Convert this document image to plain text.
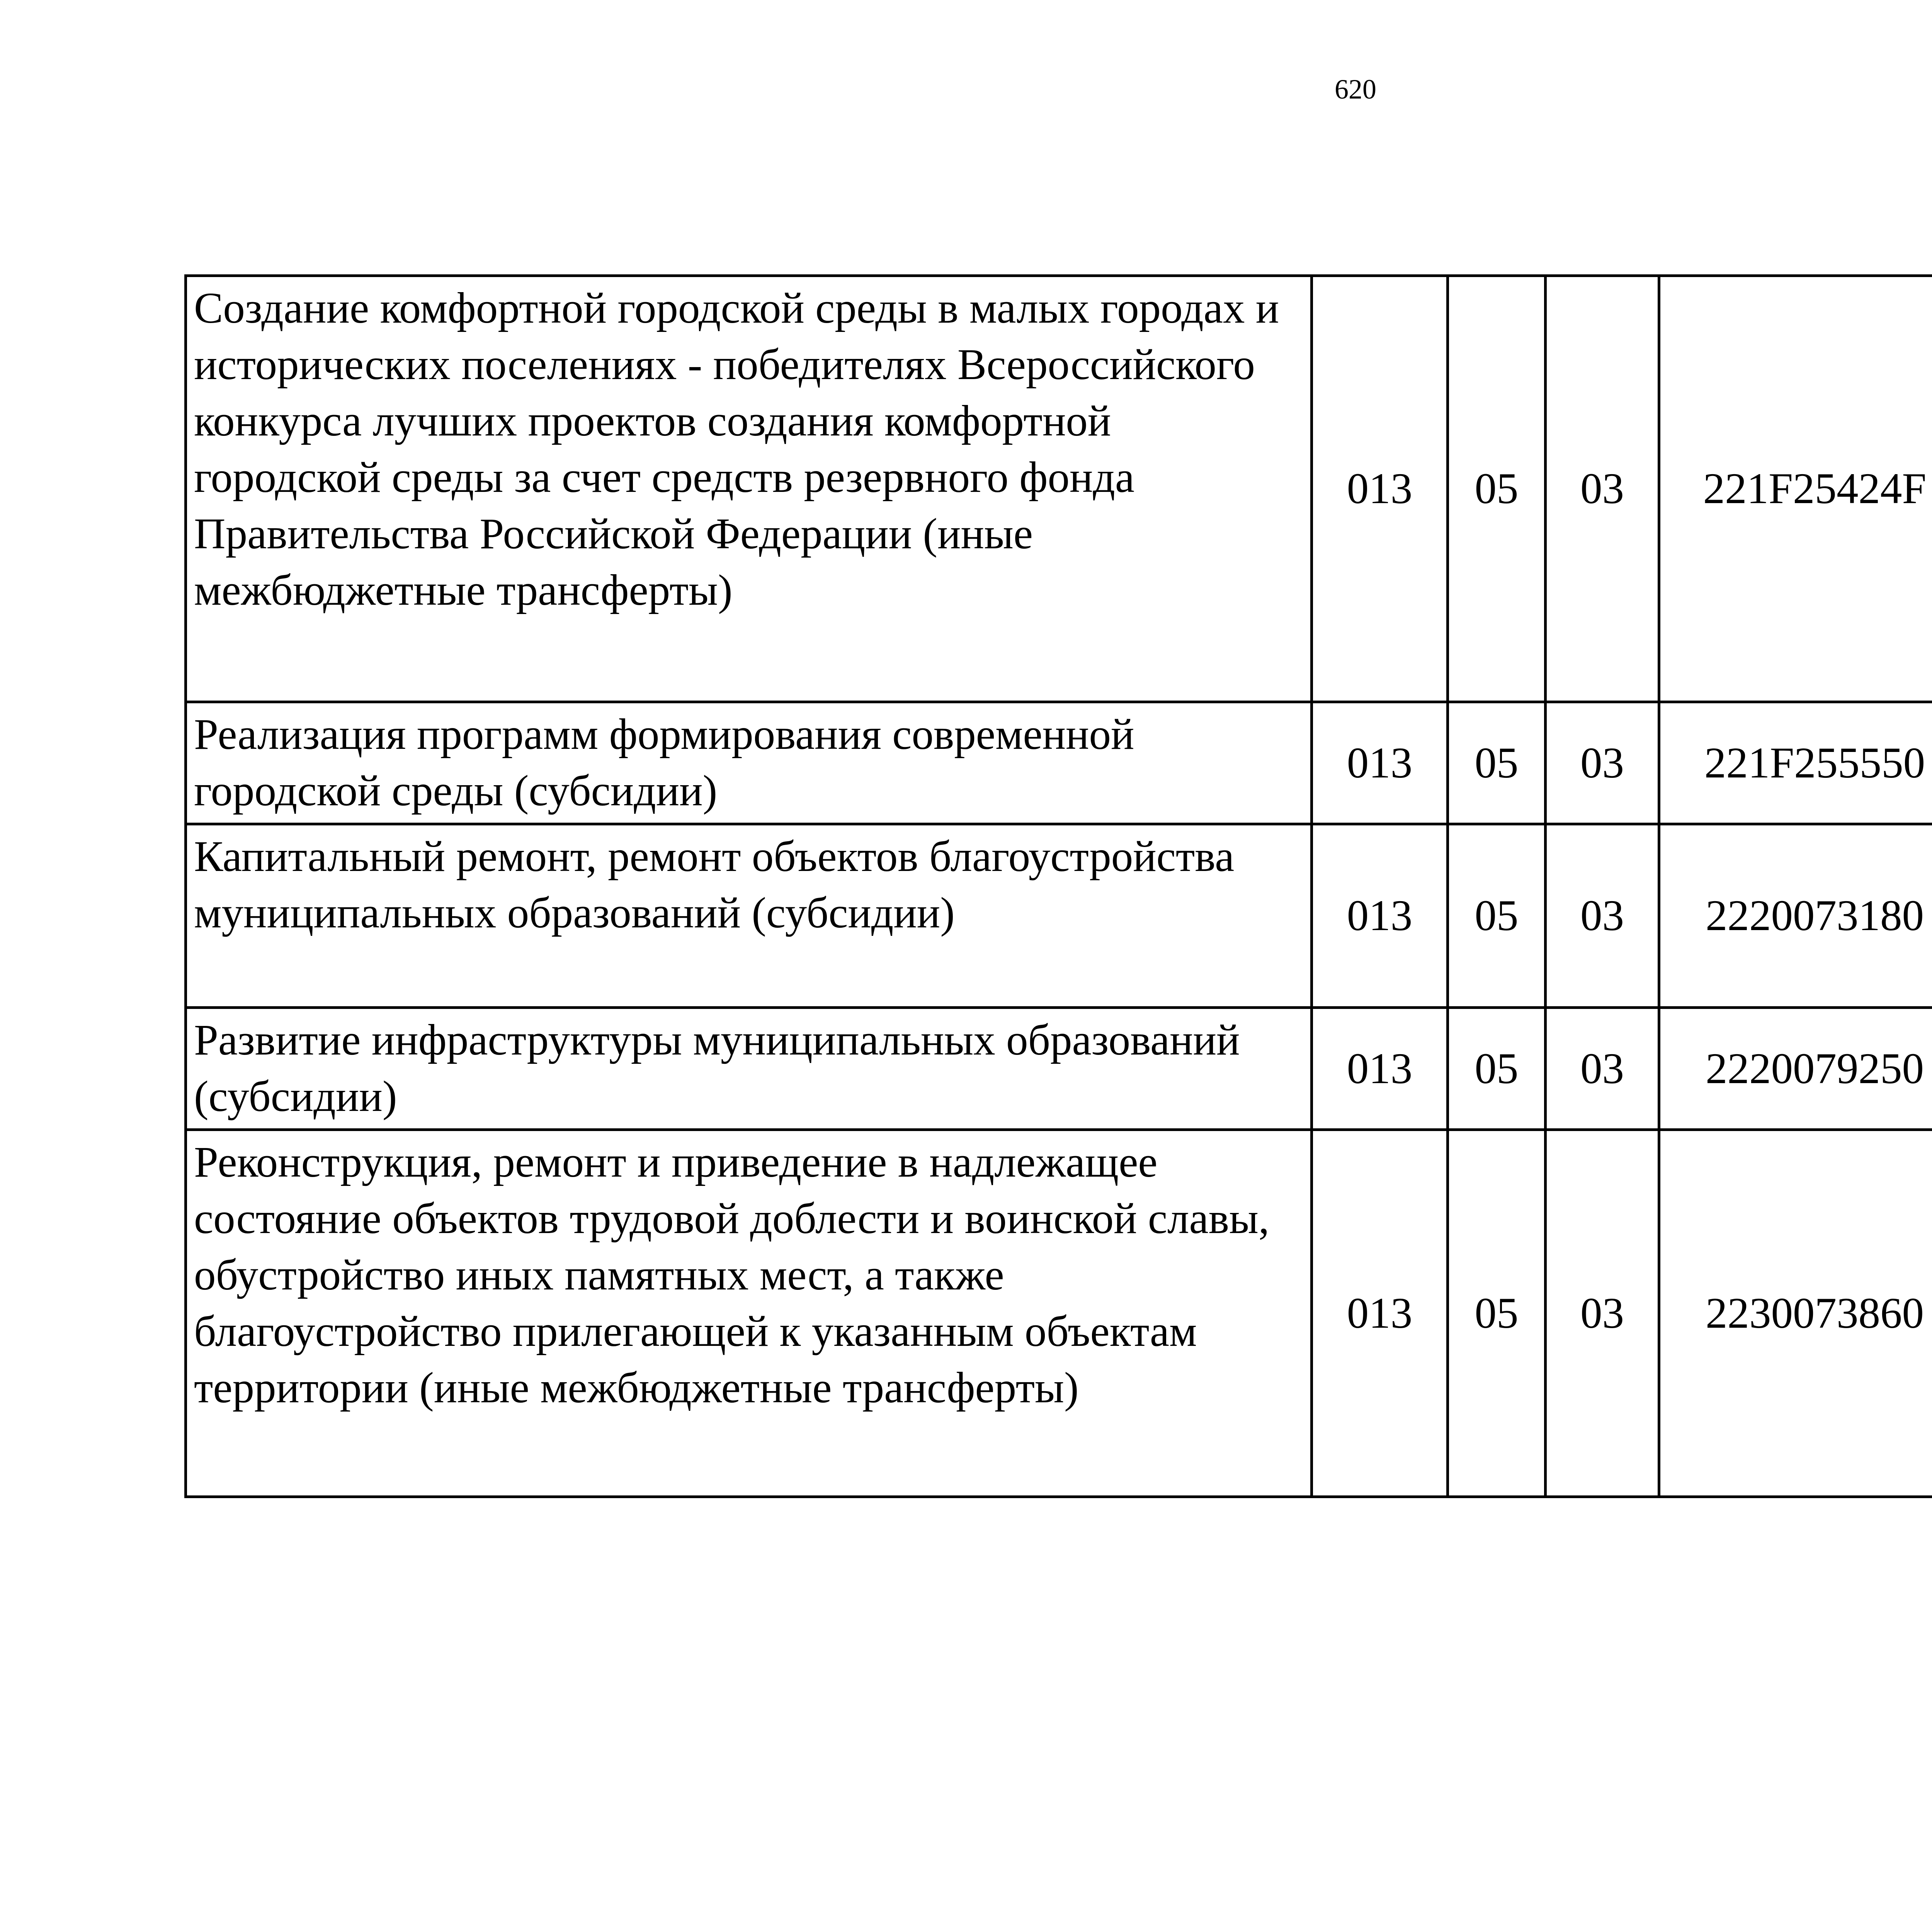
620
Создание комфортной городской среды в малых городах и исторических поселениях - победителях Всероссийского конкурса лучших проектов создания комфортной городской среды за счет средств резервного фонда Правительства Российской Федерации (иные межбюджетные трансферты)	013	05	03	221F25424F		
Реализация программ формирования современной городской среды (субсидии)	013	05	03	221F255550		
Капитальный ремонт, ремонт объектов благоустройства муниципальных образований (субсидии)	013	05	03	2220073180		
Развитие инфраструктуры муниципальных образований (субсидии)	013	05	03	2220079250		
Реконструкция, ремонт и приведение в надлежащее состояние объектов трудовой доблести и воинской славы, обустройство иных памятных мест, а также благоустройство прилегающей к указанным объектам территории (иные межбюджетные трансферты)	013	05	03	2230073860		
